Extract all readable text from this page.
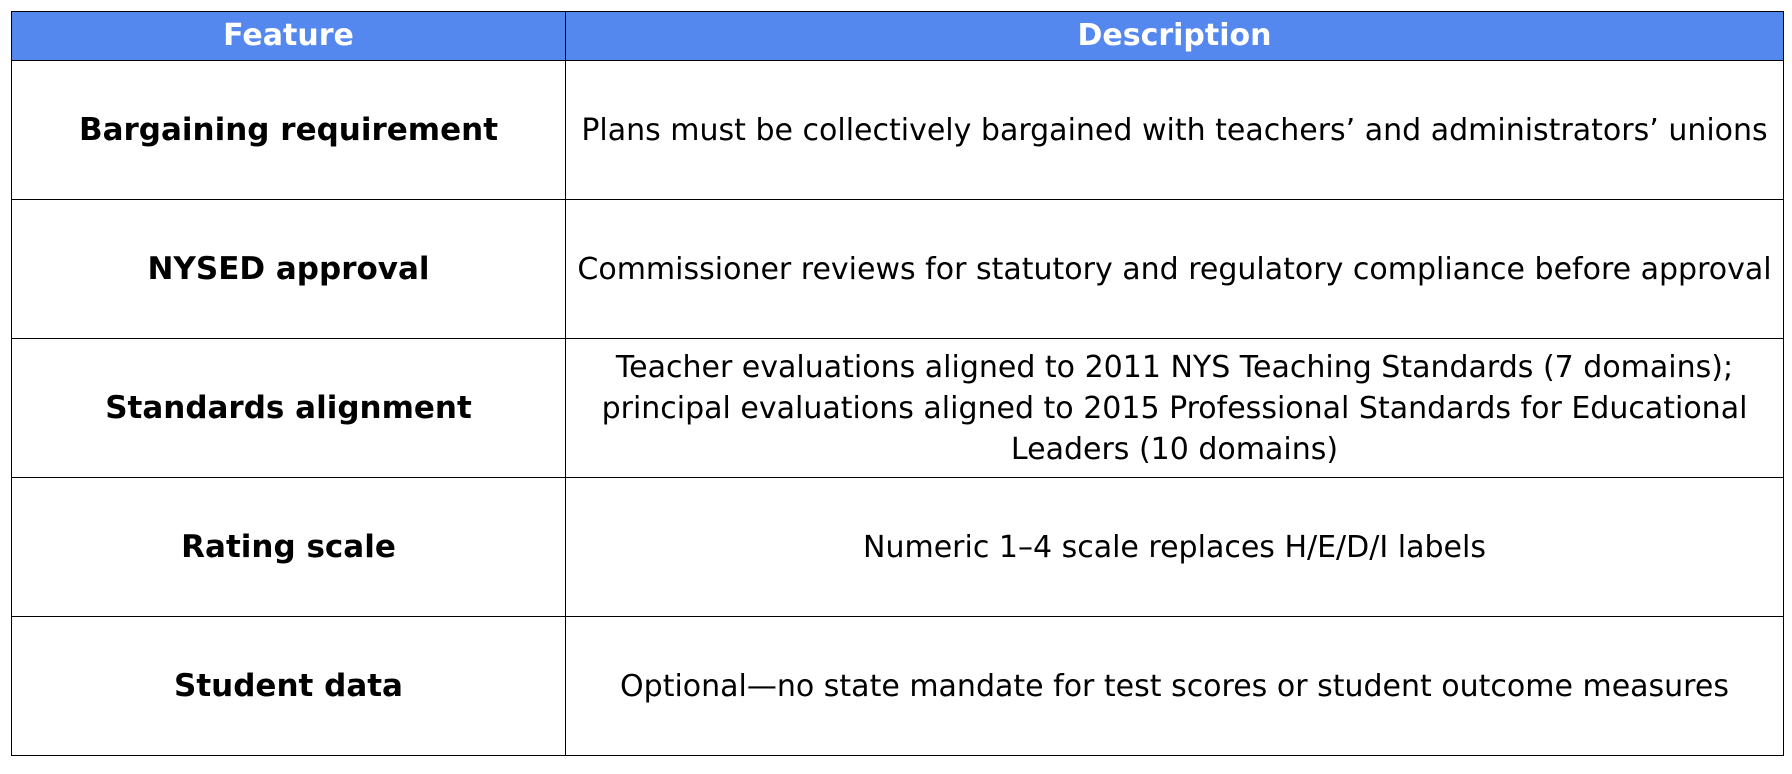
Feature	Description
Bargaining requirement	Plans must be collectively bargained with teachers’ and administrators’ unions
NYSED approval	Commissioner reviews for statutory and regulatory compliance before approval
Standards alignment	Teacher evaluations aligned to 2011 NYS Teaching Standards (7 domains); principal evaluations aligned to 2015 Professional Standards for Educational Leaders (10 domains)
Rating scale	Numeric 1–4 scale replaces H/E/D/I labels
Student data	Optional—no state mandate for test scores or student outcome measures
